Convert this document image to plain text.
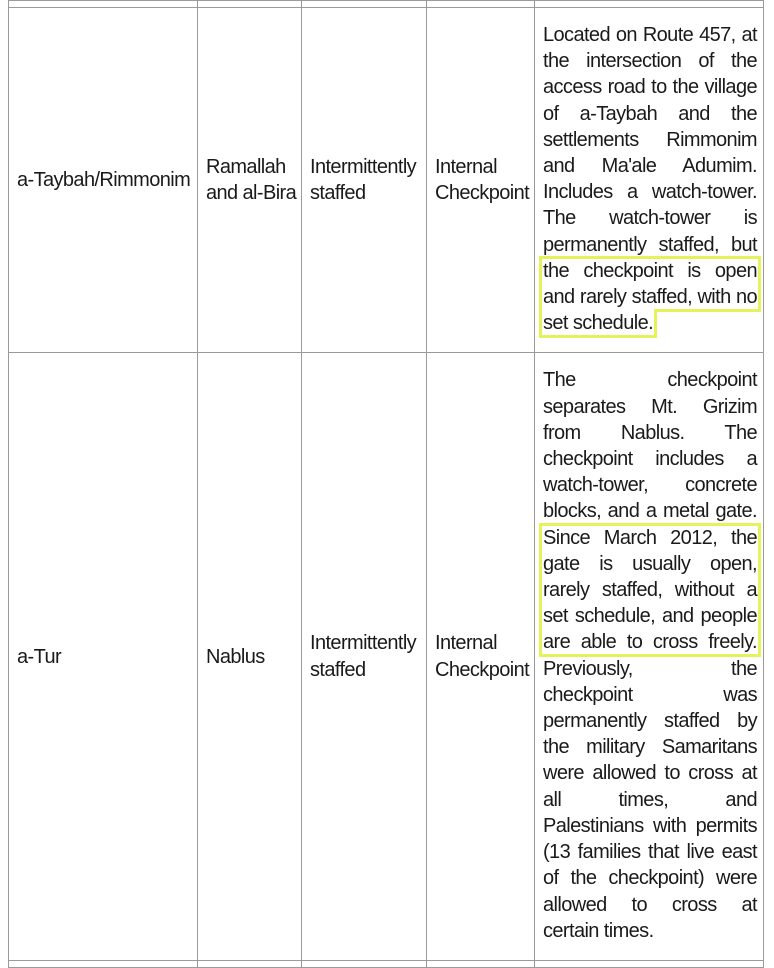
a-Taybah/Rimmonim	Ramallah and al-Bira	Intermittently staffed	Internal Checkpoint	Located on Route 457, at the intersection of the access road to the village of a-Taybah and the settlements Rimmonim and Ma'ale Adumim. Includes a watch-tower. The watch-tower is permanently staffed, but the checkpoint is open and rarely staffed, with no set schedule.
a-Tur	Nablus	Intermittently staffed	Internal Checkpoint	The checkpoint separates Mt. Grizim from Nablus. The checkpoint includes a watch-tower, concrete blocks, and a metal gate. Since March 2012, the gate is usually open, rarely staffed, without a set schedule, and people are able to cross freely. Previously, the checkpoint was permanently staffed by the military Samaritans were allowed to cross at all times, and Palestinians with permits (13 families that live east of the checkpoint) were allowed to cross at certain times.
